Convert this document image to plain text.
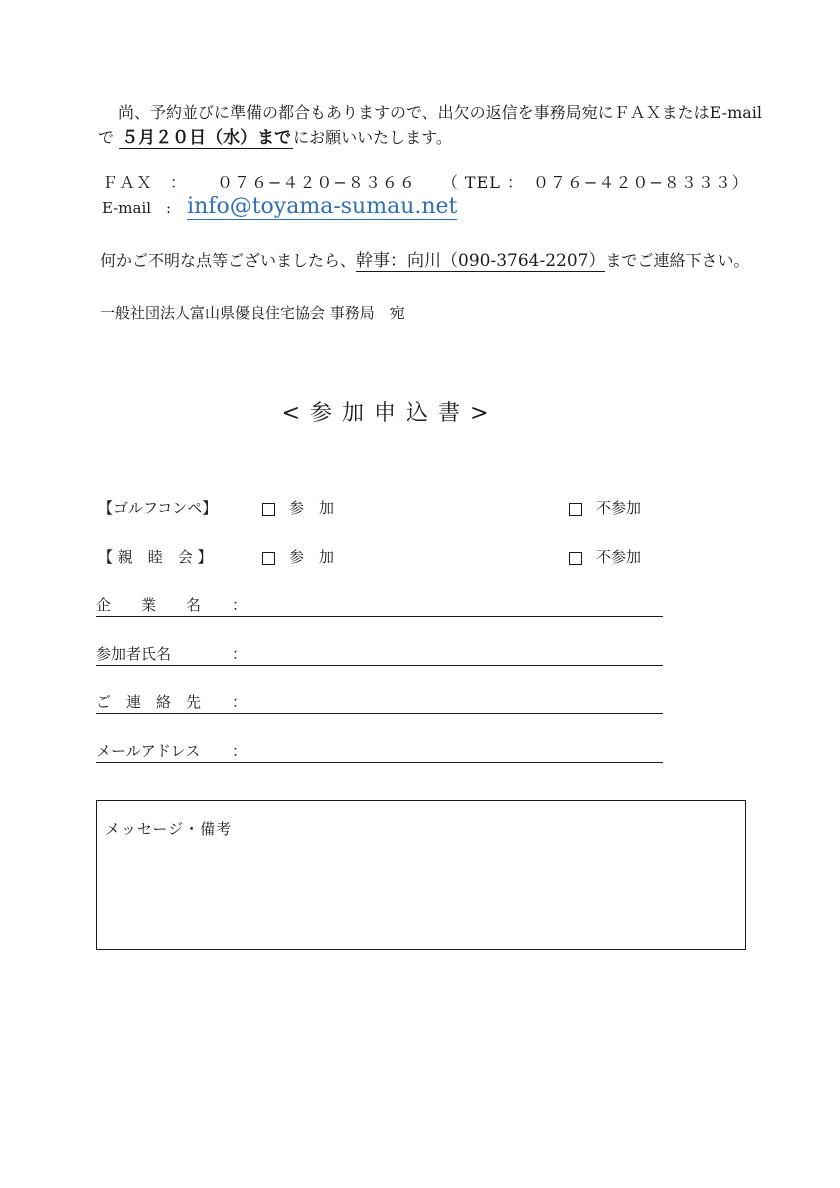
尚、予約並びに準備の都合もありますので、出欠の返信を事務局宛にＦＡＸまたはE-mail
で ５月２０日（水）まで にお願いいたします。
ＦＡＸ　： ０７６−４２０−８３６６ （ TEL ：　０７６−４２０−８３３３）
E-mail　: info@toyama-sumau.net
何かご不明な点等ございましたら、幹事：向川（090-3764-2207）までご連絡下さい。
一般社団法人富山県優良住宅協会 事務局　宛
<参加申込書>
【ゴルフコンペ】	参　加	不参加
【 親　睦　会 】	参　加	不参加
企　　業　　名 ：
参加者氏名	：
ご　連　絡　先 ：
メールアドレス ：
メッセージ・備考
